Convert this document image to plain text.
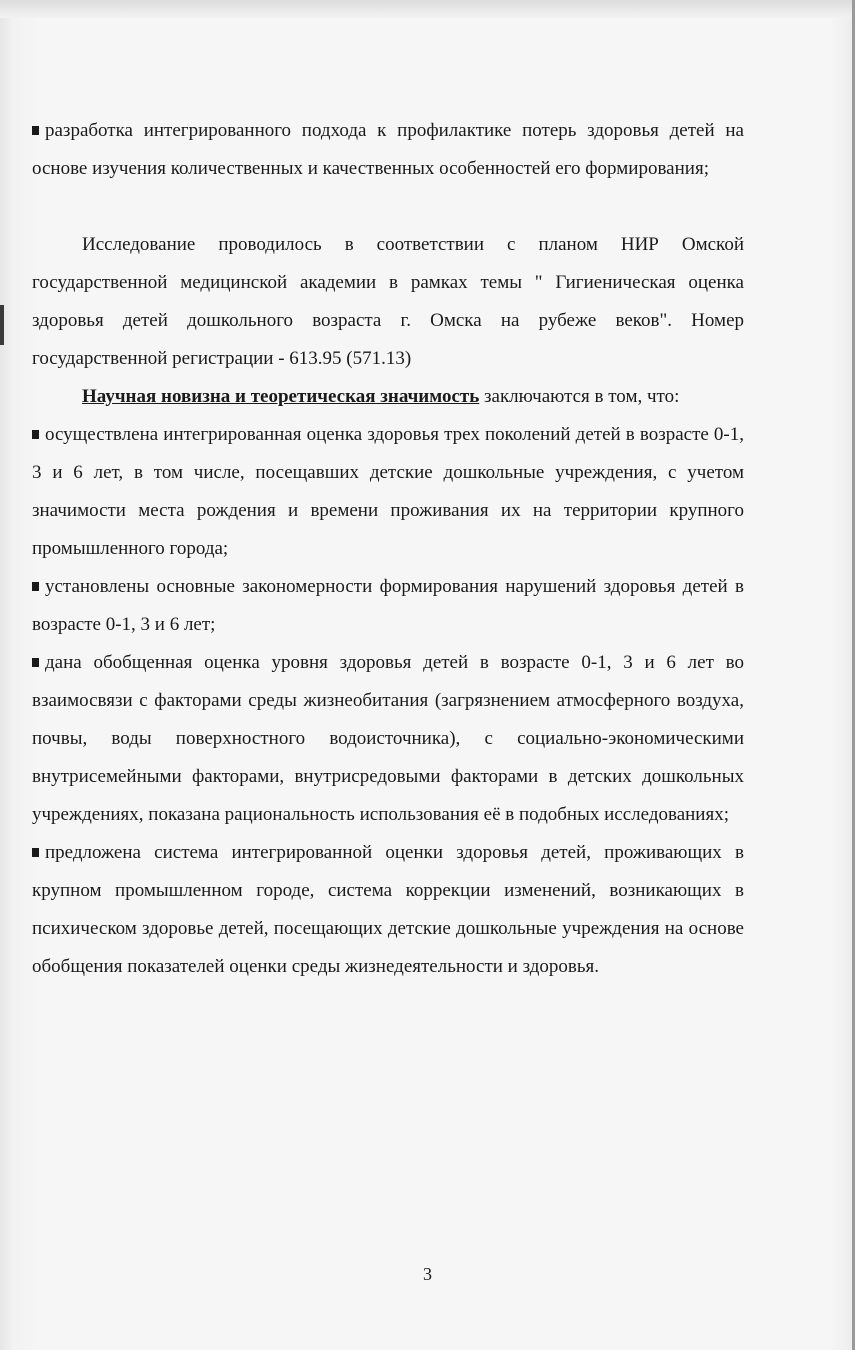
разработка интегрированного подхода к профилактике потерь здоровья детей на основе изучения количественных и качественных особенностей его формирования;

Исследование проводилось в соответствии с планом НИР Омской государственной медицинской академии в рамках темы " Гигиеническая оценка здоровья детей дошкольного возраста г. Омска на рубеже веков". Номер государственной регистрации - 613.95 (571.13)

Научная новизна и теоретическая значимость заключаются в том, что:

осуществлена интегрированная оценка здоровья трех поколений детей в возрасте 0-1, 3 и 6 лет, в том числе, посещавших детские дошкольные учреждения, с учетом значимости места рождения и времени проживания их на территории крупного промышленного города;

установлены основные закономерности формирования нарушений здоровья детей в возрасте 0-1, 3 и 6 лет;

дана обобщенная оценка уровня здоровья детей в возрасте 0-1, 3 и 6 лет во взаимосвязи с факторами среды жизнеобитания (загрязнением атмосферного воздуха, почвы, воды поверхностного водоисточника), с социально-экономическими внутрисемейными факторами, внутрисредовыми факторами в детских дошкольных учреждениях, показана рациональность использования её в подобных исследованиях;

предложена система интегрированной оценки здоровья детей, проживающих в крупном промышленном городе, система коррекции изменений, возникающих в психическом здоровье детей, посещающих детские дошкольные учреждения на основе обобщения показателей оценки среды жизнедеятельности и здоровья.

3
